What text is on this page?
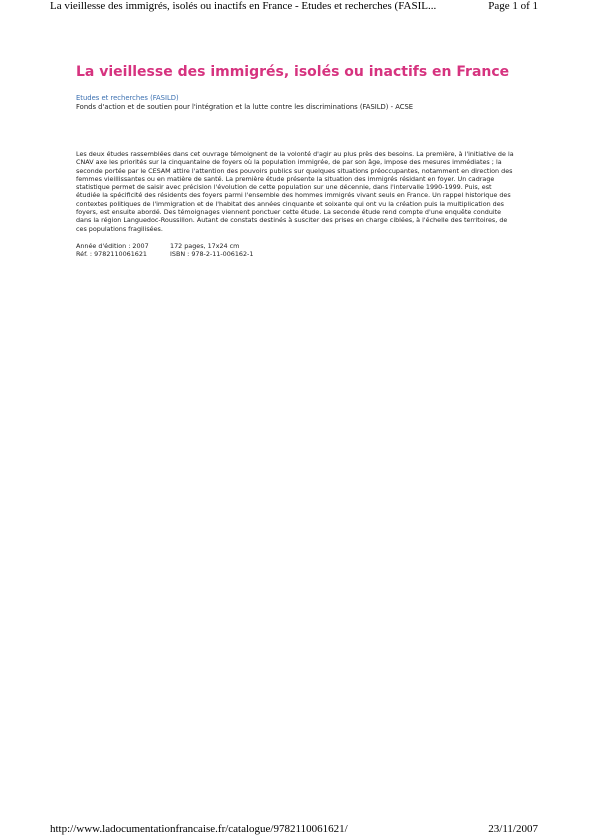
La vieillesse des immigrés, isolés ou inactifs en France - Etudes et recherches (FASIL...	Page 1 of 1
La vieillesse des immigrés, isolés ou inactifs en France
Etudes et recherches (FASILD)
Fonds d'action et de soutien pour l'intégration et la lutte contre les discriminations (FASILD) - ACSE

Les deux études rassemblées dans cet ouvrage témoignent de la volonté d'agir au plus près des besoins. La première, à l'initiative de la CNAV axe les priorités sur la cinquantaine de foyers où la population immigrée, de par son âge, impose des mesures immédiates ; la seconde portée par le CESAM attire l'attention des pouvoirs publics sur quelques situations préoccupantes, notamment en direction des femmes vieillissantes ou en matière de santé. La première étude présente la situation des immigrés résidant en foyer. Un cadrage statistique permet de saisir avec précision l'évolution de cette population sur une décennie, dans l'intervalle 1990-1999. Puis, est étudiée la spécificité des résidents des foyers parmi l'ensemble des hommes immigrés vivant seuls en France. Un rappel historique des contextes politiques de l'immigration et de l'habitat des années cinquante et soixante qui ont vu la création puis la multiplication des foyers, est ensuite abordé. Des témoignages viennent ponctuer cette étude. La seconde étude rend compte d'une enquête conduite dans la région Languedoc-Roussillon. Autant de constats destinés à susciter des prises en charge ciblées, à l'échelle des territoires, de ces populations fragilisées.

Année d'édition : 2007	172 pages, 17x24 cm
Réf. : 9782110061621	ISBN : 978-2-11-006162-1
http://www.ladocumentationfrancaise.fr/catalogue/9782110061621/	23/11/2007
